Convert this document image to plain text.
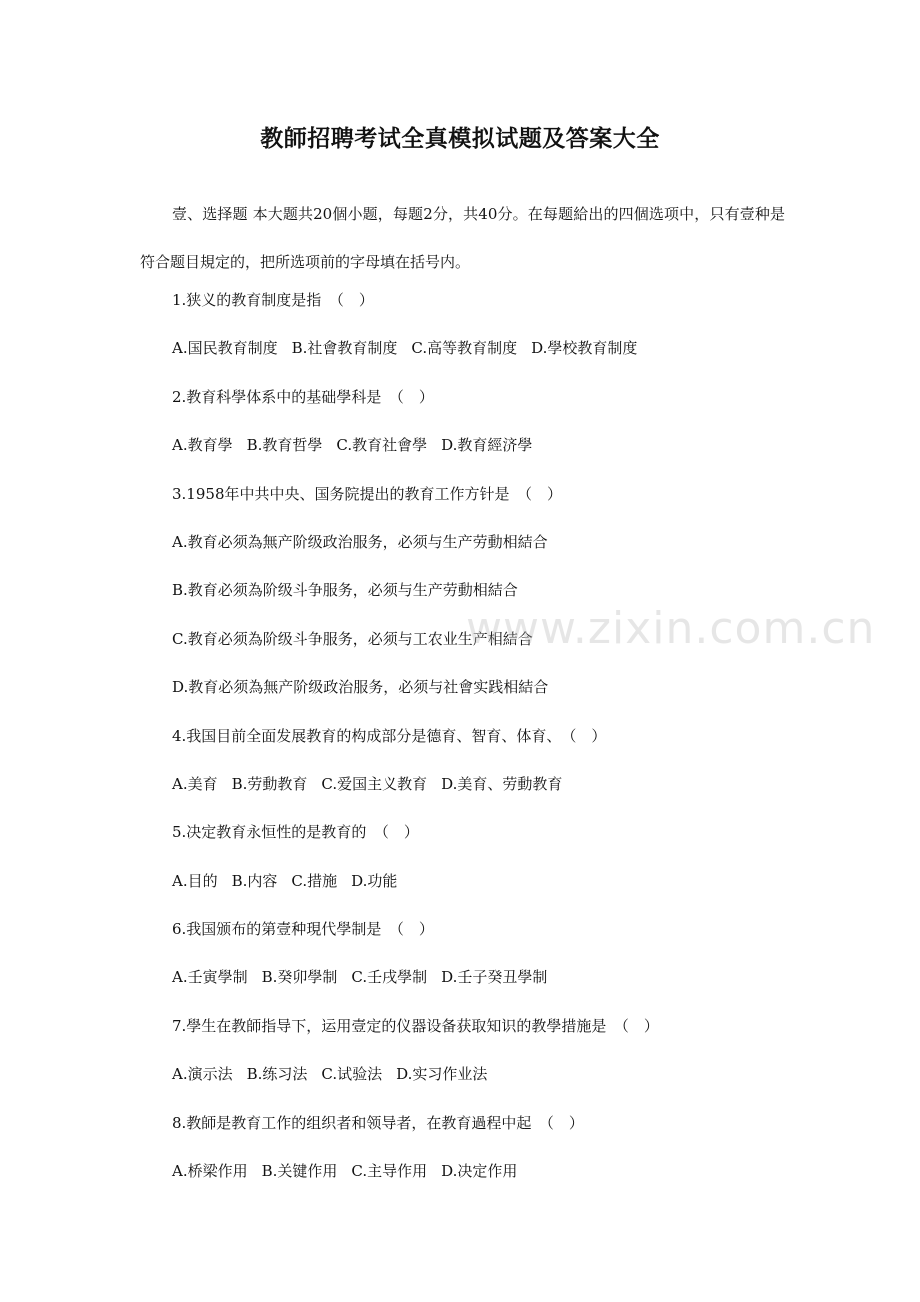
教師招聘考试全真模拟试题及答案大全
壹、选择题 本大题共20個小题，每题2分，共40分。在每题給出的四個选项中，只有壹种是符合题目規定的，把所选项前的字母填在括号内。
1.狭义的教育制度是指　（　）
A.国民教育制度 B.社會教育制度 C.高等教育制度 D.學校教育制度
2.教育科學体系中的基础學科是　（　）
A.教育學 B.教育哲學 C.教育社會學 D.教育經济學
3.1958年中共中央、国务院提出的教育工作方针是　（　）
A.教育必须為無产阶级政治服务，必须与生产劳動相結合
B.教育必须為阶级斗争服务，必须与生产劳動相結合
C.教育必须為阶级斗争服务，必须与工农业生产相結合
D.教育必须為無产阶级政治服务，必须与社會实践相結合
4.我国目前全面发展教育的构成部分是德育、智育、体育、　（　）
A.美育 B.劳動教育 C.爱国主义教育 D.美育、劳動教育
5.决定教育永恒性的是教育的　（　）
A.目的 B.内容 C.措施 D.功能
6.我国颁布的第壹种現代學制是　（　）
A.壬寅學制 B.癸卯學制 C.壬戌學制 D.壬子癸丑學制
7.學生在教師指导下，运用壹定的仪器设备获取知识的教學措施是　（　）
A.演示法 B.练习法 C.试验法 D.实习作业法
8.教師是教育工作的组织者和领导者，在教育過程中起　（　）
A.桥梁作用 B.关键作用 C.主导作用 D.决定作用
www.zixin.com.cn
